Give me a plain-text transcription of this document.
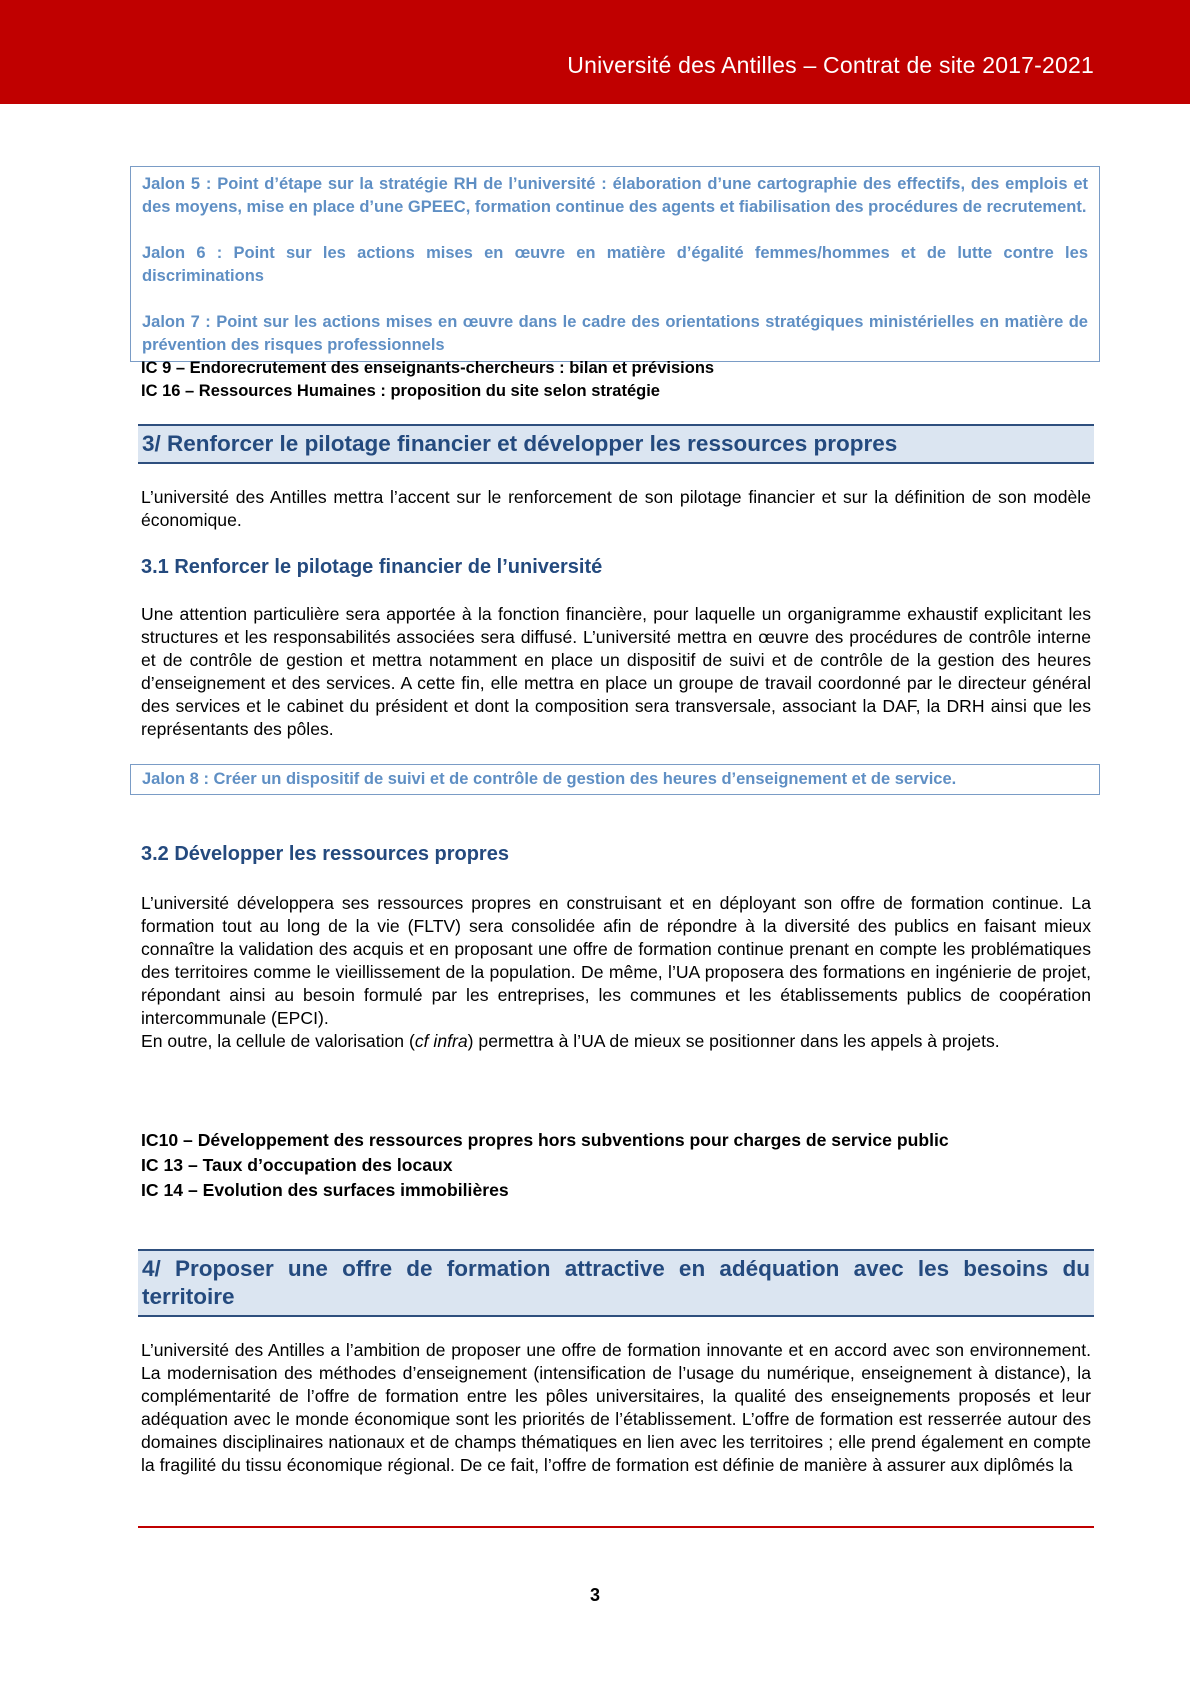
Université des Antilles – Contrat de site 2017-2021

Jalon 5 : Point d’étape sur la stratégie RH de l’université : élaboration d’une cartographie des effectifs, des emplois et des moyens, mise en place d’une GPEEC, formation continue des agents et fiabilisation des procédures de recrutement.

Jalon 6 : Point sur les actions mises en œuvre en matière d’égalité femmes/hommes et de lutte contre les discriminations

Jalon 7 : Point sur les actions mises en œuvre dans le cadre des orientations stratégiques ministérielles en matière de prévention des risques professionnels

IC 9 – Endorecrutement des enseignants-chercheurs : bilan et prévisions
IC 16 – Ressources Humaines : proposition du site selon stratégie
3/ Renforcer le pilotage financier et développer les ressources propres
L’université des Antilles mettra l’accent sur le renforcement de son pilotage financier et sur la définition de son modèle économique.
3.1 Renforcer le pilotage financier de l’université
Une attention particulière sera apportée à la fonction financière, pour laquelle un organigramme exhaustif explicitant les structures et les responsabilités associées sera diffusé. L’université mettra en œuvre des procédures de contrôle interne et de contrôle de gestion et mettra notamment en place un dispositif de suivi et de contrôle de la gestion des heures d’enseignement et des services. A cette fin, elle mettra en place un groupe de travail coordonné par le directeur général des services et le cabinet du président et dont la composition sera transversale, associant la DAF, la DRH ainsi que les représentants des pôles.

Jalon 8 : Créer un dispositif de suivi et de contrôle de gestion des heures d’enseignement et de service.

3.2 Développer les ressources propres
L’université développera ses ressources propres en construisant et en déployant son offre de formation continue. La formation tout au long de la vie (FLTV) sera consolidée afin de répondre à la diversité des publics en faisant mieux connaître la validation des acquis et en proposant une offre de formation continue prenant en compte les problématiques des territoires comme le vieillissement de la population. De même, l’UA proposera des formations en ingénierie de projet, répondant ainsi au besoin formulé par les entreprises, les communes et les établissements publics de coopération intercommunale (EPCI).
En outre, la cellule de valorisation (cf infra) permettra à l’UA de mieux se positionner dans les appels à projets.
IC10 – Développement des ressources propres hors subventions pour charges de service public
IC 13 – Taux d’occupation des locaux
IC 14 – Evolution des surfaces immobilières
4/ Proposer une offre de formation attractive en adéquation avec les besoins du territoire
L’université des Antilles a l’ambition de proposer une offre de formation innovante et en accord avec son environnement. La modernisation des méthodes d’enseignement (intensification de l’usage du numérique, enseignement à distance), la complémentarité de l’offre de formation entre les pôles universitaires, la qualité des enseignements proposés et leur adéquation avec le monde économique sont les priorités de l’établissement. L’offre de formation est resserrée autour des domaines disciplinaires nationaux et de champs thématiques en lien avec les territoires ; elle prend également en compte la fragilité du tissu économique régional. De ce fait, l’offre de formation est définie de manière à assurer aux diplômés la
3
